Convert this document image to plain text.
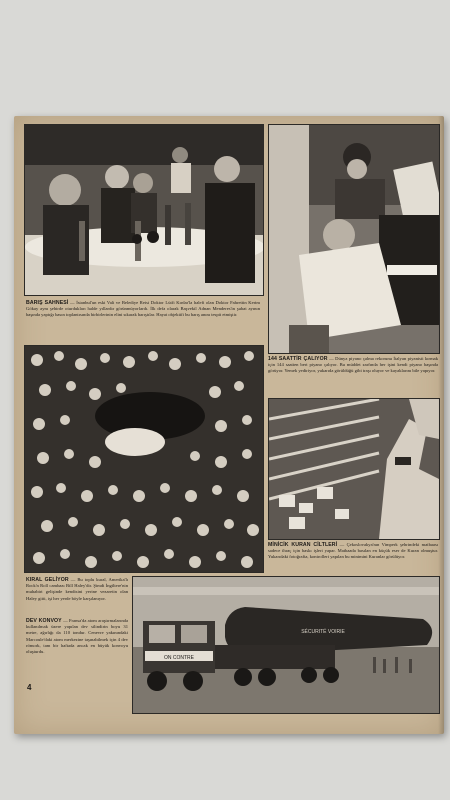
BARIŞ SAHNESİ — İstanbul'un eski Vali ve Belediye Reisi Doktor Lütfi Kırdar'la halefi olan Doktor Fahrettin Kerim Gökay aynı şehirde oturdukları halde yıllardır görünmüyorlardı. İlk defa olarak Başvekil Adnan Menderes'in şubat ayının başında yaptığı basın toplantısında birbirlerinin elini sıkarak barıştılar. Hayat objektifi bu barış anını tespit etmiştir.
144 SAATTİR ÇALIYOR — Dünya piyano çalma rekorunu İtalyan piyanisti kırmak için 144 saatten beri piyano çalıyor. Bu müddet zarfında her işini kendi piyano başında görüyor. Yemek yediriyor, yukarıda görüldüğü gibi traşı oluyor ve kayaklarını bile yapıyor.
MİNİCİK KURAN CİLTLERİ — Çekoslovakya'nın Vimperk şehrindeki matbaası sadece ihraç için baskı işleri yapar. Matbaada basılan en küçük eser de Kuran olmuştur. Yukarıdaki fotoğrafta, kontrolleri yapılan bu minimini Kuranlar görülüyor.
KIRAL GELİYOR — Bu toplu kural, Amerika'lı Rock'n Roll cambazı Bill Haley'dir. Şimdi İngiltere'nin muhabiri gelişinde kendisini yerine vezaretin olan Haley gitti, işi her yerde böyle karşılanıyor.
DEV KONVOY — Fransa'da atom araştırmalarında kullanılmak üzere yapılan dev silindirin boyu 31 metre, ağırlığı da 110 tondur. Cenevre yakınındaki Marcoule'daki atom merkezine taşınabilmek için 4 dev römork, tam bir haftada ancak en büyük konvoyu oluşturdu.
ON CONTRE
SÉCURITÉ VOIRIE
4
